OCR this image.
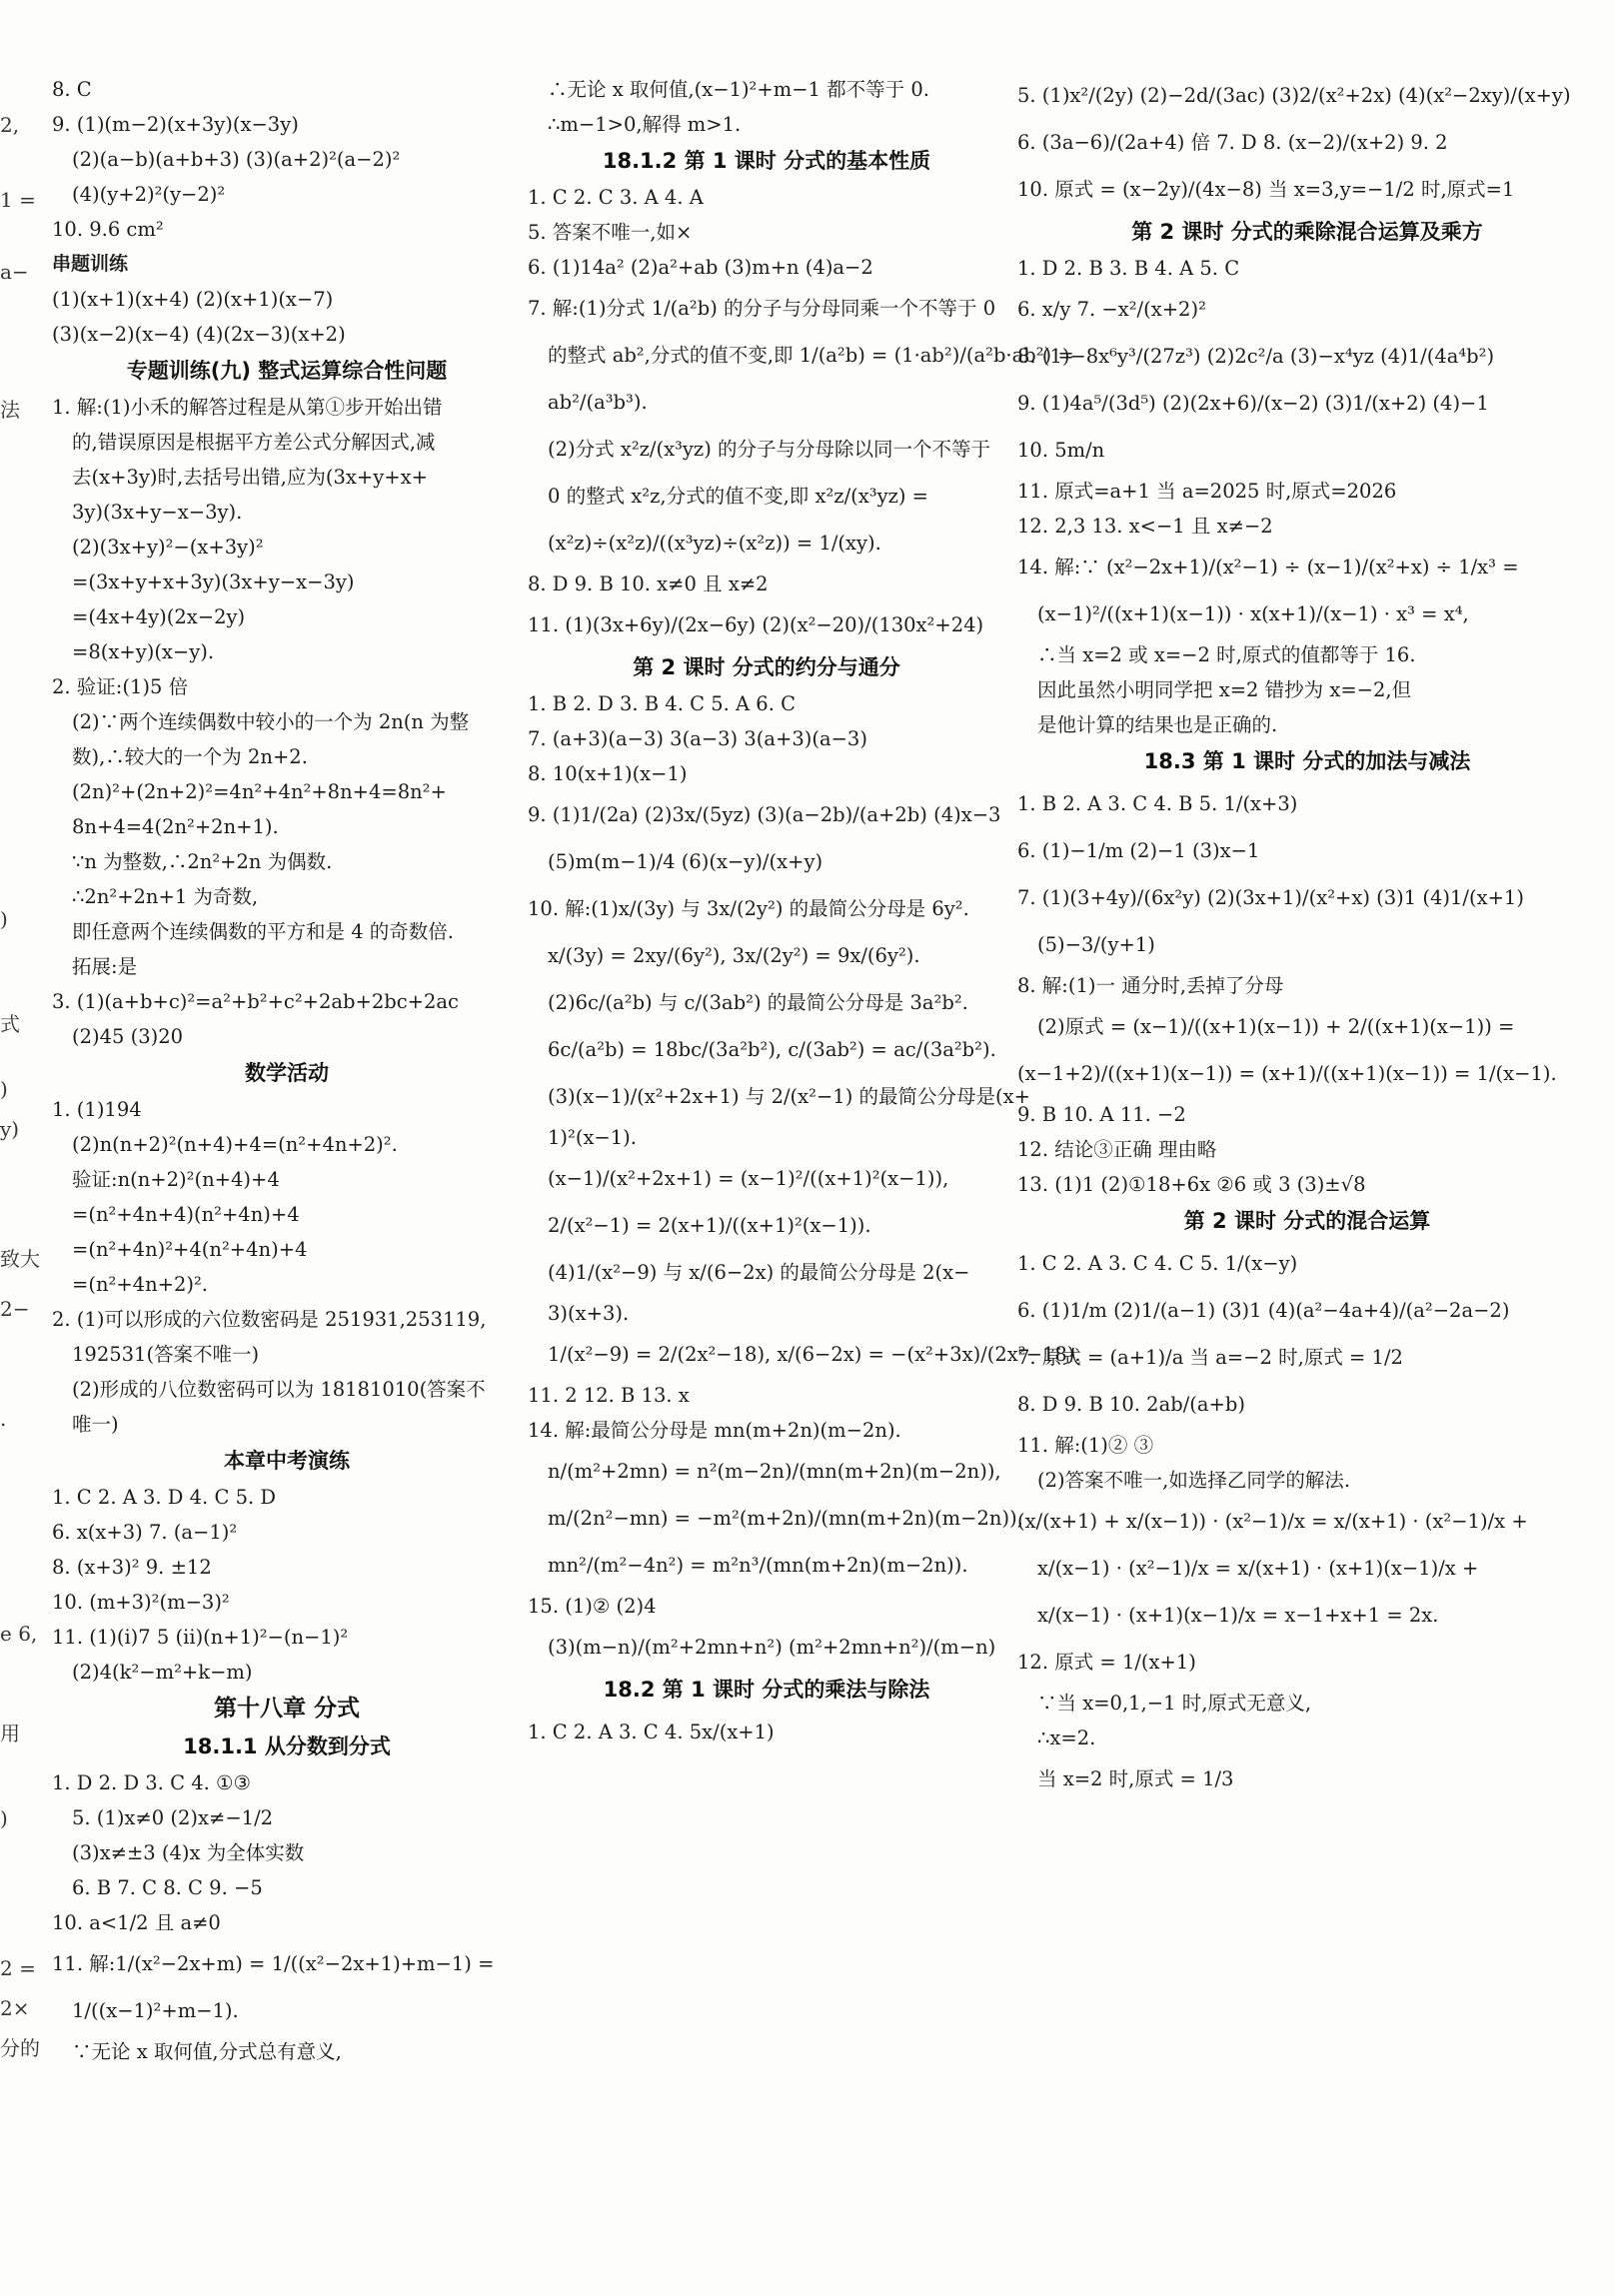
2,
1 =
a−
法
)
式
)
y)
致大
2−
.
e 6,
用
)
2 =
2×
分的
8. C
9. (1)(m−2)(x+3y)(x−3y)
(2)(a−b)(a+b+3) (3)(a+2)²(a−2)²
(4)(y+2)²(y−2)²
10. 9.6 cm²
串题训练
(1)(x+1)(x+4) (2)(x+1)(x−7)
(3)(x−2)(x−4) (4)(2x−3)(x+2)
专题训练(九) 整式运算综合性问题
1. 解:(1)小禾的解答过程是从第①步开始出错
的,错误原因是根据平方差公式分解因式,减
去(x+3y)时,去括号出错,应为(3x+y+x+
3y)(3x+y−x−3y).
(2)(3x+y)²−(x+3y)²
=(3x+y+x+3y)(3x+y−x−3y)
=(4x+4y)(2x−2y)
=8(x+y)(x−y).
2. 验证:(1)5 倍
(2)∵两个连续偶数中较小的一个为 2n(n 为整
数),∴较大的一个为 2n+2.
(2n)²+(2n+2)²=4n²+4n²+8n+4=8n²+
8n+4=4(2n²+2n+1).
∵n 为整数,∴2n²+2n 为偶数.
∴2n²+2n+1 为奇数,
即任意两个连续偶数的平方和是 4 的奇数倍.
拓展:是
3. (1)(a+b+c)²=a²+b²+c²+2ab+2bc+2ac
(2)45 (3)20
数学活动
1. (1)194
(2)n(n+2)²(n+4)+4=(n²+4n+2)².
验证:n(n+2)²(n+4)+4
=(n²+4n+4)(n²+4n)+4
=(n²+4n)²+4(n²+4n)+4
=(n²+4n+2)².
2. (1)可以形成的六位数密码是 251931,253119,
192531(答案不唯一)
(2)形成的八位数密码可以为 18181010(答案不
唯一)
本章中考演练
1. C 2. A 3. D 4. C 5. D
6. x(x+3) 7. (a−1)²
8. (x+3)² 9. ±12
10. (m+3)²(m−3)²
11. (1)(ⅰ)7 5 (ⅱ)(n+1)²−(n−1)²
(2)4(k²−m²+k−m)
第十八章 分式
18.1.1 从分数到分式
1. D 2. D 3. C 4. ①③
5. (1)x≠0 (2)x≠−1/2
(3)x≠±3 (4)x 为全体实数
6. B 7. C 8. C 9. −5
10. a<1/2 且 a≠0
11. 解:1/(x²−2x+m) = 1/((x²−2x+1)+m−1) =
1/((x−1)²+m−1).
∵无论 x 取何值,分式总有意义,
∴无论 x 取何值,(x−1)²+m−1 都不等于 0.
∴m−1>0,解得 m>1.
18.1.2 第 1 课时 分式的基本性质
1. C 2. C 3. A 4. A
5. 答案不唯一,如×
6. (1)14a² (2)a²+ab (3)m+n (4)a−2
7. 解:(1)分式 1/(a²b) 的分子与分母同乘一个不等于 0
的整式 ab²,分式的值不变,即 1/(a²b) = (1·ab²)/(a²b·ab²) =
ab²/(a³b³).
(2)分式 x²z/(x³yz) 的分子与分母除以同一个不等于
0 的整式 x²z,分式的值不变,即 x²z/(x³yz) =
(x²z)÷(x²z)/((x³yz)÷(x²z)) = 1/(xy).
8. D 9. B 10. x≠0 且 x≠2
11. (1)(3x+6y)/(2x−6y) (2)(x²−20)/(130x²+24)
第 2 课时 分式的约分与通分
1. B 2. D 3. B 4. C 5. A 6. C
7. (a+3)(a−3) 3(a−3) 3(a+3)(a−3)
8. 10(x+1)(x−1)
9. (1)1/(2a) (2)3x/(5yz) (3)(a−2b)/(a+2b) (4)x−3
(5)m(m−1)/4 (6)(x−y)/(x+y)
10. 解:(1)x/(3y) 与 3x/(2y²) 的最简公分母是 6y².
x/(3y) = 2xy/(6y²), 3x/(2y²) = 9x/(6y²).
(2)6c/(a²b) 与 c/(3ab²) 的最简公分母是 3a²b².
6c/(a²b) = 18bc/(3a²b²), c/(3ab²) = ac/(3a²b²).
(3)(x−1)/(x²+2x+1) 与 2/(x²−1) 的最简公分母是(x+
1)²(x−1).
(x−1)/(x²+2x+1) = (x−1)²/((x+1)²(x−1)),
2/(x²−1) = 2(x+1)/((x+1)²(x−1)).
(4)1/(x²−9) 与 x/(6−2x) 的最简公分母是 2(x−
3)(x+3).
1/(x²−9) = 2/(2x²−18), x/(6−2x) = −(x²+3x)/(2x²−18).
11. 2 12. B 13. x
14. 解:最简公分母是 mn(m+2n)(m−2n).
n/(m²+2mn) = n²(m−2n)/(mn(m+2n)(m−2n)),
m/(2n²−mn) = −m²(m+2n)/(mn(m+2n)(m−2n)),
mn²/(m²−4n²) = m²n³/(mn(m+2n)(m−2n)).
15. (1)② (2)4
(3)(m−n)/(m²+2mn+n²) (m²+2mn+n²)/(m−n)
18.2 第 1 课时 分式的乘法与除法
1. C 2. A 3. C 4. 5x/(x+1)
5. (1)x²/(2y) (2)−2d/(3ac) (3)2/(x²+2x) (4)(x²−2xy)/(x+y)
6. (3a−6)/(2a+4) 倍 7. D 8. (x−2)/(x+2) 9. 2
10. 原式 = (x−2y)/(4x−8) 当 x=3,y=−1/2 时,原式=1
第 2 课时 分式的乘除混合运算及乘方
1. D 2. B 3. B 4. A 5. C
6. x/y 7. −x²/(x+2)²
8. (1)−8x⁶y³/(27z³) (2)2c²/a (3)−x⁴yz (4)1/(4a⁴b²)
9. (1)4a⁵/(3d⁵) (2)(2x+6)/(x−2) (3)1/(x+2) (4)−1
10. 5m/n
11. 原式=a+1 当 a=2025 时,原式=2026
12. 2,3 13. x<−1 且 x≠−2
14. 解:∵ (x²−2x+1)/(x²−1) ÷ (x−1)/(x²+x) ÷ 1/x³ =
(x−1)²/((x+1)(x−1)) · x(x+1)/(x−1) · x³ = x⁴,
∴当 x=2 或 x=−2 时,原式的值都等于 16.
因此虽然小明同学把 x=2 错抄为 x=−2,但
是他计算的结果也是正确的.
18.3 第 1 课时 分式的加法与减法
1. B 2. A 3. C 4. B 5. 1/(x+3)
6. (1)−1/m (2)−1 (3)x−1
7. (1)(3+4y)/(6x²y) (2)(3x+1)/(x²+x) (3)1 (4)1/(x+1)
(5)−3/(y+1)
8. 解:(1)一 通分时,丢掉了分母
(2)原式 = (x−1)/((x+1)(x−1)) + 2/((x+1)(x−1)) =
(x−1+2)/((x+1)(x−1)) = (x+1)/((x+1)(x−1)) = 1/(x−1).
9. B 10. A 11. −2
12. 结论③正确 理由略
13. (1)1 (2)①18+6x ②6 或 3 (3)±√8
第 2 课时 分式的混合运算
1. C 2. A 3. C 4. C 5. 1/(x−y)
6. (1)1/m (2)1/(a−1) (3)1 (4)(a²−4a+4)/(a²−2a−2)
7. 原式 = (a+1)/a 当 a=−2 时,原式 = 1/2
8. D 9. B 10. 2ab/(a+b)
11. 解:(1)② ③
(2)答案不唯一,如选择乙同学的解法.
(x/(x+1) + x/(x−1)) · (x²−1)/x = x/(x+1) · (x²−1)/x +
x/(x−1) · (x²−1)/x = x/(x+1) · (x+1)(x−1)/x +
x/(x−1) · (x+1)(x−1)/x = x−1+x+1 = 2x.
12. 原式 = 1/(x+1)
∵当 x=0,1,−1 时,原式无意义,
∴x=2.
当 x=2 时,原式 = 1/3
